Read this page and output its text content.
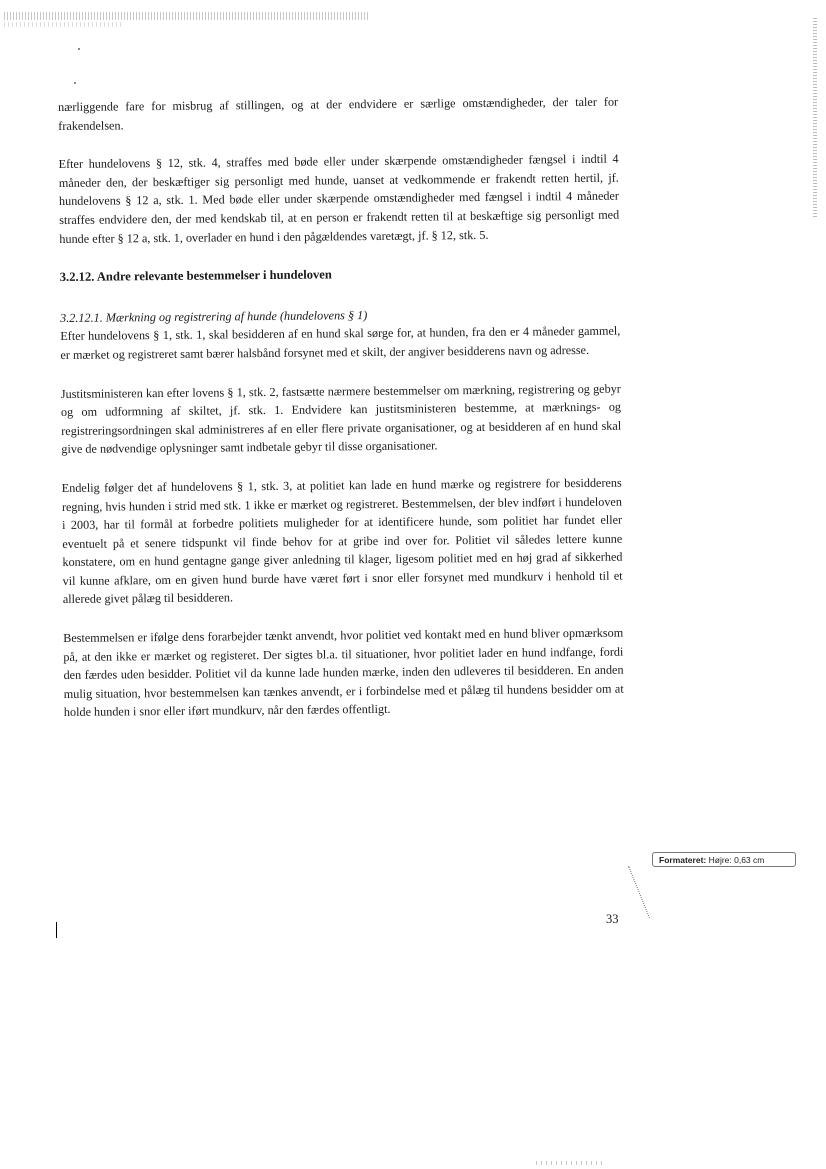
nærliggende fare for misbrug af stillingen, og at der endvidere er særlige omstændigheder, der taler for frakendelsen.

Efter hundelovens § 12, stk. 4, straffes med bøde eller under skærpende omstændigheder fængsel i indtil 4 måneder den, der beskæftiger sig personligt med hunde, uanset at vedkommende er frakendt retten hertil, jf. hundelovens § 12 a, stk. 1. Med bøde eller under skærpende omstændigheder med fængsel i indtil 4 måneder straffes endvidere den, der med kendskab til, at en person er frakendt retten til at beskæftige sig personligt med hunde efter § 12 a, stk. 1, overlader en hund i den pågældendes varetægt, jf. § 12, stk. 5.

3.2.12. Andre relevante bestemmelser i hundeloven
3.2.12.1. Mærkning og registrering af hunde (hundelovens § 1)

Efter hundelovens § 1, stk. 1, skal besidderen af en hund skal sørge for, at hunden, fra den er 4 måneder gammel, er mærket og registreret samt bærer halsbånd forsynet med et skilt, der angiver besidderens navn og adresse.

Justitsministeren kan efter lovens § 1, stk. 2, fastsætte nærmere bestemmelser om mærkning, registrering og gebyr og om udformning af skiltet, jf. stk. 1. Endvidere kan justitsministeren bestemme, at mærknings- og registreringsordningen skal administreres af en eller flere private organisationer, og at besidderen af en hund skal give de nødvendige oplysninger samt indbetale gebyr til disse organisationer.

Endelig følger det af hundelovens § 1, stk. 3, at politiet kan lade en hund mærke og registrere for besidderens regning, hvis hunden i strid med stk. 1 ikke er mærket og registreret. Bestemmelsen, der blev indført i hundeloven i 2003, har til formål at forbedre politiets muligheder for at identificere hunde, som politiet har fundet eller eventuelt på et senere tidspunkt vil finde behov for at gribe ind over for. Politiet vil således lettere kunne konstatere, om en hund gentagne gange giver anledning til klager, ligesom politiet med en høj grad af sikkerhed vil kunne afklare, om en given hund burde have været ført i snor eller forsynet med mundkurv i henhold til et allerede givet pålæg til besidderen.

Bestemmelsen er ifølge dens forarbejder tænkt anvendt, hvor politiet ved kontakt med en hund bliver opmærksom på, at den ikke er mærket og registeret. Der sigtes bl.a. til situationer, hvor politiet lader en hund indfange, fordi den færdes uden besidder. Politiet vil da kunne lade hunden mærke, inden den udleveres til besidderen. En anden mulig situation, hvor bestemmelsen kan tænkes anvendt, er i forbindelse med et pålæg til hundens besidder om at holde hunden i snor eller iført mundkurv, når den færdes offentligt.

Formateret: Højre: 0,63 cm
33
